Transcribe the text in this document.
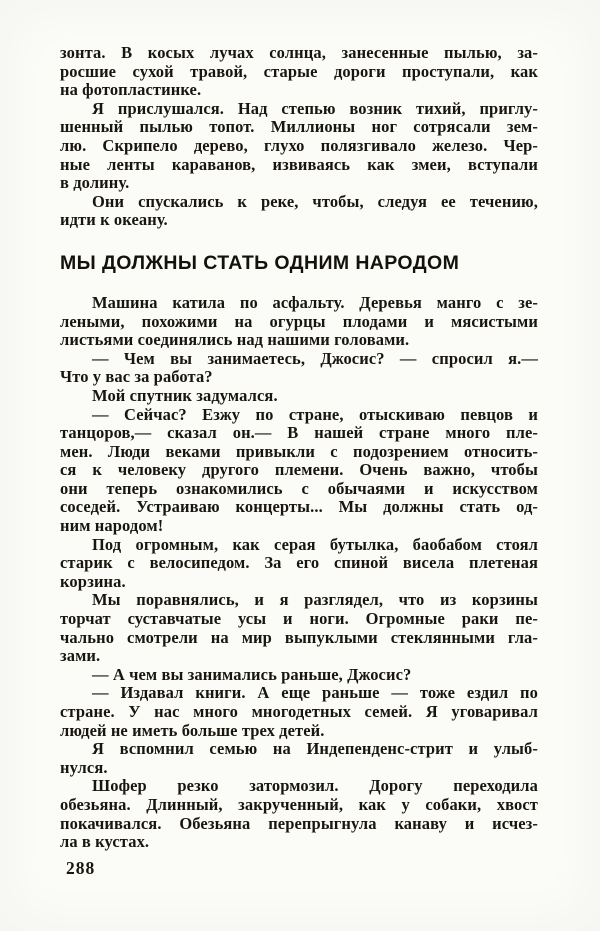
зонта. В косых лучах солнца, занесенные пылью, за-
росшие сухой травой, старые дороги проступали, как
на фотопластинке.
Я прислушался. Над степью возник тихий, приглу-
шенный пылью топот. Миллионы ног сотрясали зем-
лю. Скрипело дерево, глухо полязгивало железо. Чер-
ные ленты караванов, извиваясь как змеи, вступали
в долину.
Они спускались к реке, чтобы, следуя ее течению,
идти к океану.
МЫ ДОЛЖНЫ СТАТЬ ОДНИМ НАРОДОМ
Машина катила по асфальту. Деревья манго с зе-
леными, похожими на огурцы плодами и мясистыми
листьями соединялись над нашими головами.
— Чем вы занимаетесь, Джосис? — спросил я.—
Что у вас за работа?
Мой спутник задумался.
— Сейчас? Езжу по стране, отыскиваю певцов и
танцоров,— сказал он.— В нашей стране много пле-
мен. Люди веками привыкли с подозрением относить-
ся к человеку другого племени. Очень важно, чтобы
они теперь ознакомились с обычаями и искусством
соседей. Устраиваю концерты... Мы должны стать од-
ним народом!
Под огромным, как серая бутылка, баобабом стоял
старик с велосипедом. За его спиной висела плетеная
корзина.
Мы поравнялись, и я разглядел, что из корзины
торчат суставчатые усы и ноги. Огромные раки пе-
чально смотрели на мир выпуклыми стеклянными гла-
зами.
— А чем вы занимались раньше, Джосис?
— Издавал книги. А еще раньше — тоже ездил по
стране. У нас много многодетных семей. Я уговаривал
людей не иметь больше трех детей.
Я вспомнил семью на Индепенденс-стрит и улыб-
нулся.
Шофер резко затормозил. Дорогу переходила
обезьяна. Длинный, закрученный, как у собаки, хвост
покачивался. Обезьяна перепрыгнула канаву и исчез-
ла в кустах.
288
